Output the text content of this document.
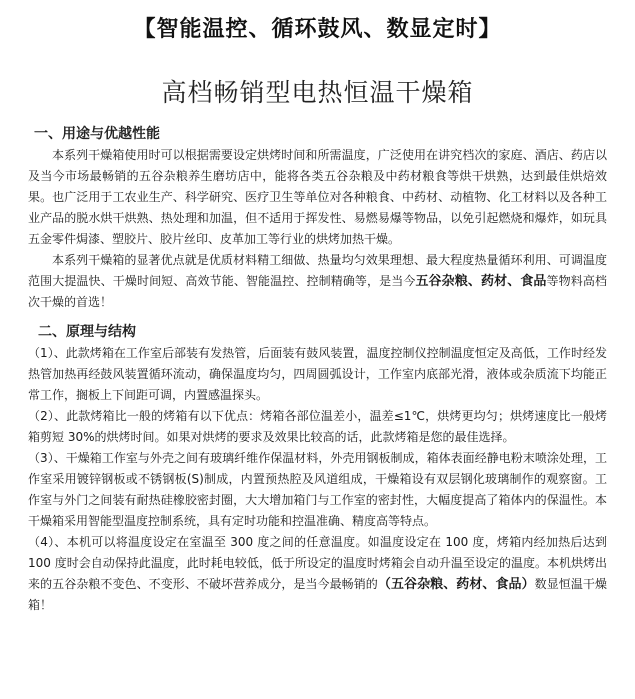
【智能温控、循环鼓风、数显定时】
高档畅销型电热恒温干燥箱
一、用途与优越性能

本系列干燥箱使用时可以根据需要设定烘烤时间和所需温度，广泛使用在讲究档次的家庭、酒店、药店以及当今市场最畅销的五谷杂粮养生磨坊店中，能将各类五谷杂粮及中药材粮食等烘干烘熟，达到最佳烘焙效果。也广泛用于工农业生产、科学研究、医疗卫生等单位对各种粮食、中药材、动植物、化工材料以及各种工业产品的脱水烘干烘熟、热处理和加温，但不适用于挥发性、易燃易爆等物品，以免引起燃烧和爆炸，如玩具五金零件焗漆、塑胶片、胶片丝印、皮革加工等行业的烘烤加热干燥。

本系列干燥箱的显著优点就是优质材料精工细做、热量均匀效果理想、最大程度热量循环利用、可调温度范围大提温快、干燥时间短、高效节能、智能温控、控制精确等，是当今五谷杂粮、药材、食品等物料高档次干燥的首选！

二、原理与结构

（1）、此款烤箱在工作室后部装有发热管，后面装有鼓风装置，温度控制仪控制温度恒定及高低，工作时经发热管加热再经鼓风装置循环流动，确保温度均匀，四周圆弧设计，工作室内底部光滑，液体或杂质流下均能正常工作，搁板上下间距可调，内置感温探头。

（2）、此款烤箱比一般的烤箱有以下优点：烤箱各部位温差小，温差≤1℃，烘烤更均匀；烘烤速度比一般烤箱剪短 30%的烘烤时间。如果对烘烤的要求及效果比较高的话，此款烤箱是您的最佳选择。

（3）、干燥箱工作室与外壳之间有玻璃纤维作保温材料，外壳用钢板制成，箱体表面经静电粉末喷涂处理，工作室采用镀锌钢板或不锈钢板(S)制成，内置预热腔及风道组成，干燥箱设有双层钢化玻璃制作的观察窗。工作室与外门之间装有耐热硅橡胶密封圈，大大增加箱门与工作室的密封性，大幅度提高了箱体内的保温性。本干燥箱采用智能型温度控制系统，具有定时功能和控温准确、精度高等特点。

（4）、本机可以将温度设定在室温至 300 度之间的任意温度。如温度设定在 100 度，烤箱内经加热后达到 100 度时会自动保持此温度，此时耗电较低，低于所设定的温度时烤箱会自动升温至设定的温度。本机烘烤出来的五谷杂粮不变色、不变形、不破坏营养成分，是当今最畅销的（五谷杂粮、药材、食品）数显恒温干燥箱！
